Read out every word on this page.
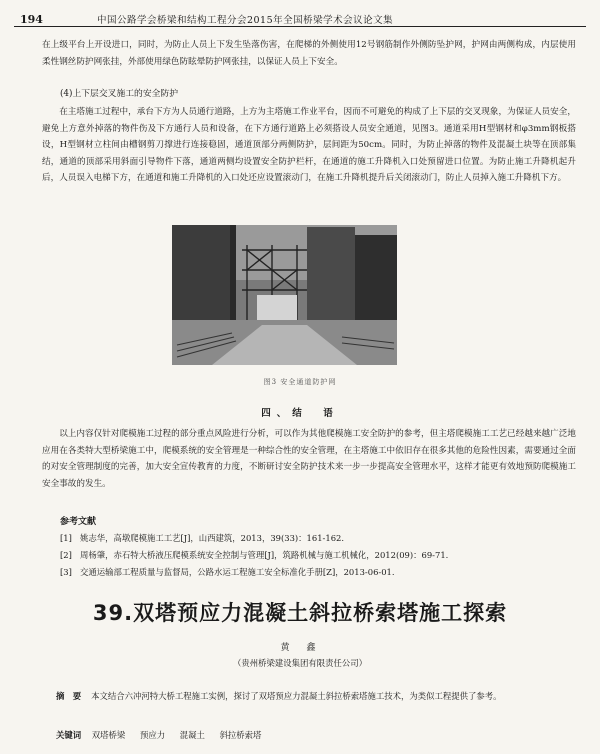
194	中国公路学会桥梁和结构工程分会2015年全国桥梁学术会议论文集

在上级平台上开设进口，同时，为防止人员上下发生坠落伤害，在爬梯的外侧使用12号钢筋制作外侧防坠护网，护网由两侧构成，内层使用柔性钢丝防护网张挂，外部使用绿色防眩晕防护网张挂，以保证人员上下安全。

(4)上下层交叉施工的安全防护

在主塔施工过程中，承台下方为人员通行道路，上方为主塔施工作业平台，因而不可避免的构成了上下层的交叉现象，为保证人员安全，避免上方意外掉落的物件伤及下方通行人员和设备，在下方通行道路上必须搭设人员安全通道，见图3。通道采用H型钢材和φ3mm钢板搭设，H型钢材立柱间由槽钢剪刀撑进行连接稳固，通道顶部分两侧防护，层间距为50cm。同时，为防止掉落的物件及混凝土块等在顶部集结，通道的顶部采用斜面引导物件下落，通道两侧均设置安全防护栏杆，在通道的施工升降机入口处预留进口位置。为防止施工升降机起升后，人员误入电梯下方，在通道和施工升降机的入口处还应设置滚动门，在施工升降机提升后关闭滚动门，防止人员掉入施工升降机下方。

图3 安全通道防护网
四、结　语

以上内容仅针对爬模施工过程的部分重点风险进行分析，可以作为其他爬模施工安全防护的参考，但主塔爬模施工工艺已经越来越广泛地应用在各类特大型桥梁施工中，爬模系统的安全管理是一种综合性的安全管理，在主塔施工中依旧存在很多其他的危险性因素，需要通过全面的对安全管理制度的完善，加大安全宣传教育的力度，不断研讨安全防护技术来一步一步提高安全管理水平，这样才能更有效地预防爬模施工安全事故的发生。

参考文献
[1] 姚志华，高墩爬模施工工艺[J]，山西建筑，2013，39(33)：161-162.
[2] 周杨肇，赤石特大桥液压爬模系统安全控制与管理[J]，筑路机械与施工机械化，2012(09)：69-71.
[3] 交通运输部工程质量与监督局，公路水运工程施工安全标准化手册[Z]，2013-06-01.
39.双塔预应力混凝土斜拉桥索塔施工探索
黄　鑫
（贵州桥梁建设集团有限责任公司）

摘　要 本文结合六冲河特大桥工程施工实例，探讨了双塔预应力混凝土斜拉桥索塔施工技术，为类似工程提供了参考。

关键词 双塔桥梁 预应力 混凝土 斜拉桥索塔
